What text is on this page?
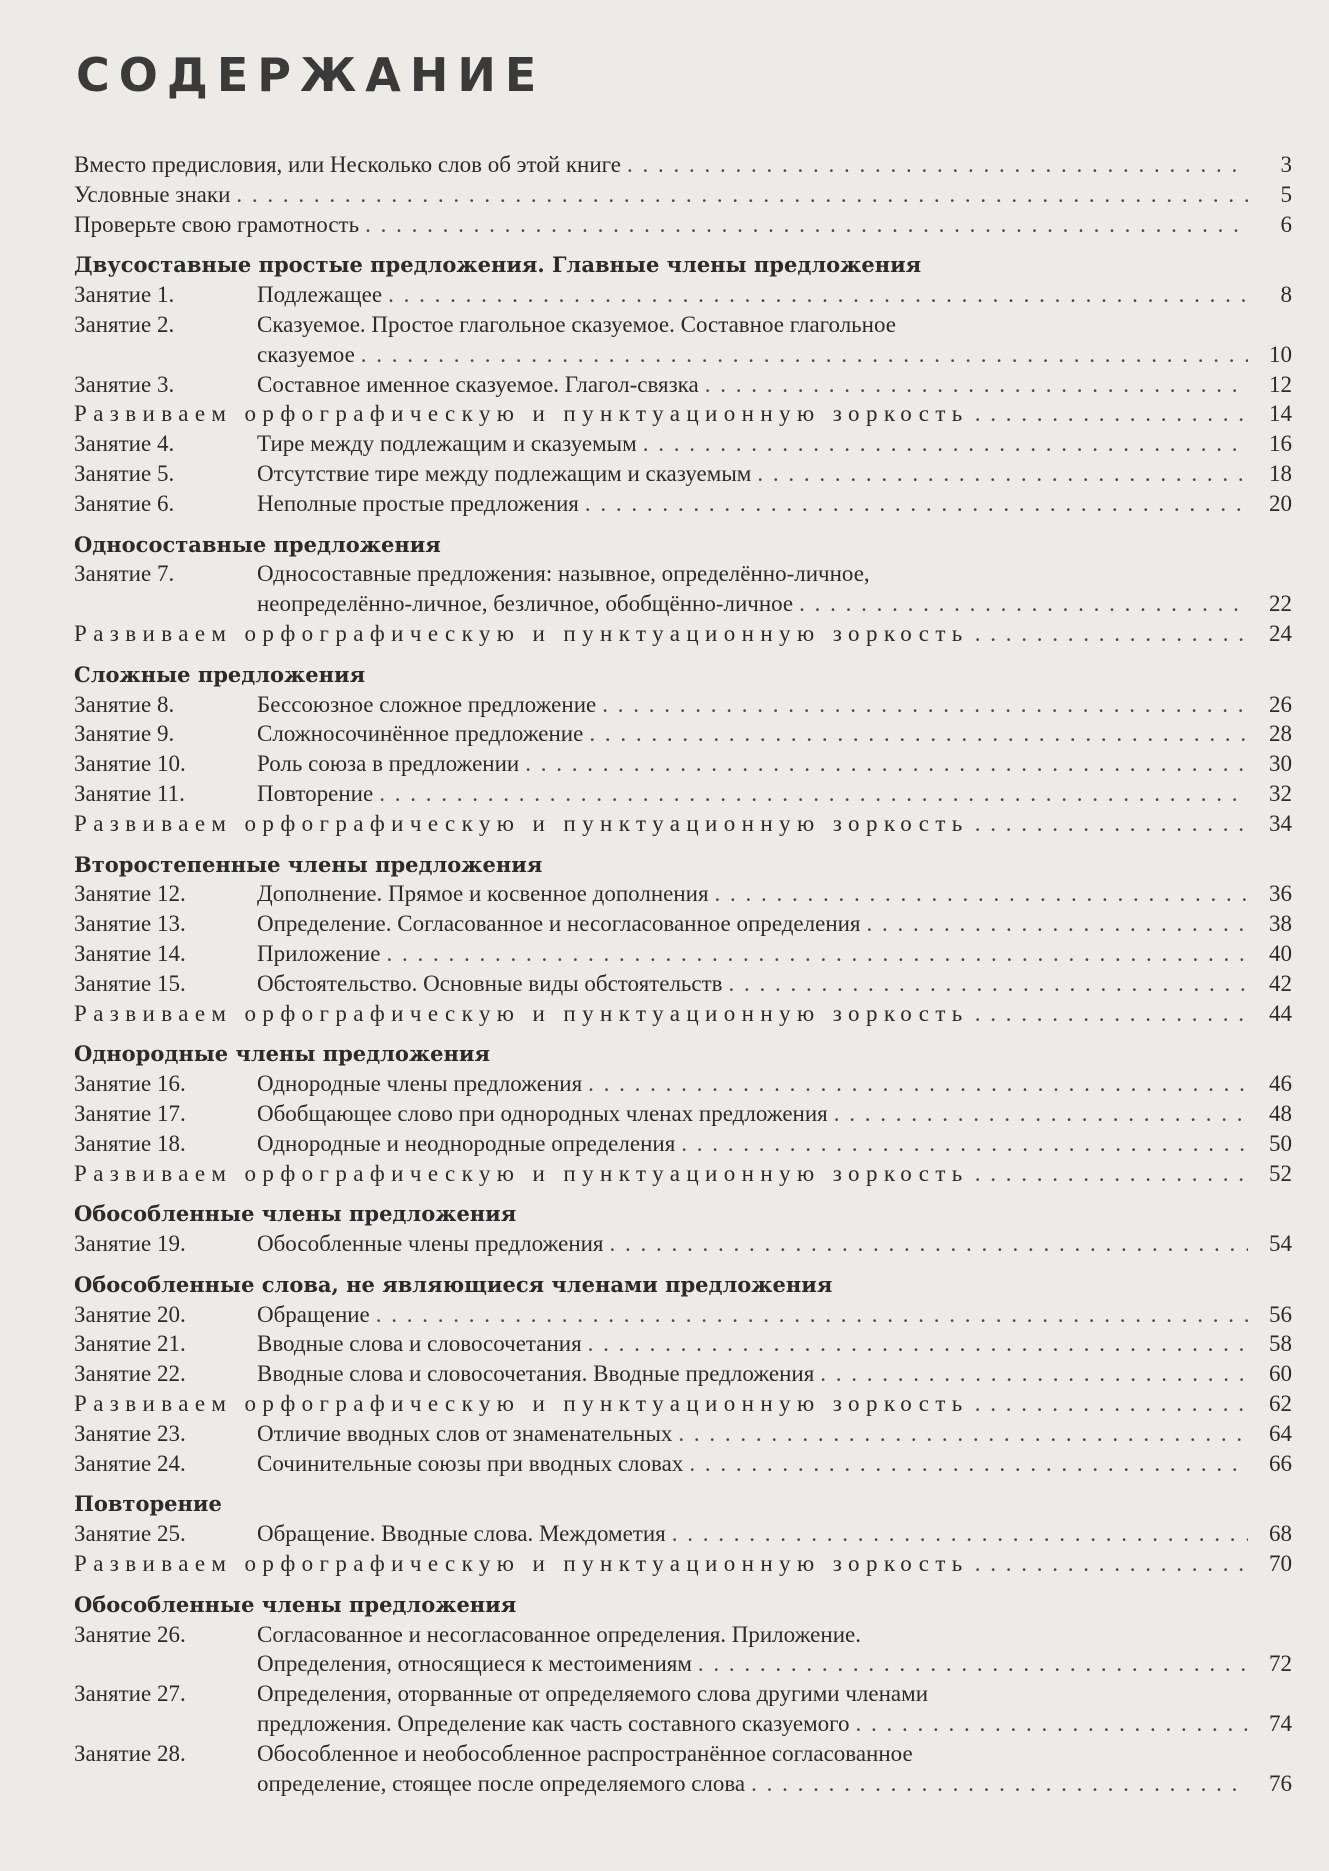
СОДЕРЖАНИЕ
Вместо предисловия, или Несколько слов об этой книге . . .	3
Условные знаки . . .	5
Проверьте свою грамотность . . .	6
Двусоставные простые предложения. Главные члены предложения
Занятие 1.	Подлежащее . . .	8
Занятие 2.	Сказуемое. Простое глагольное сказуемое. Составное глагольное
сказуемое . . .	10
Занятие 3.	Составное именное сказуемое. Глагол-связка . . .	12
Развиваем орфографическую и пунктуационную зоркость . . .	14
Занятие 4.	Тире между подлежащим и сказуемым . . .	16
Занятие 5.	Отсутствие тире между подлежащим и сказуемым . . .	18
Занятие 6.	Неполные простые предложения . . .	20
Односоставные предложения
Занятие 7.	Односоставные предложения: назывное, определённо-личное,
неопределённо-личное, безличное, обобщённо-личное . . .	22
Развиваем орфографическую и пунктуационную зоркость . . .	24
Сложные предложения
Занятие 8.	Бессоюзное сложное предложение . . .	26
Занятие 9.	Сложносочинённое предложение . . .	28
Занятие 10.	Роль союза в предложении . . .	30
Занятие 11.	Повторение . . .	32
Развиваем орфографическую и пунктуационную зоркость . . .	34
Второстепенные члены предложения
Занятие 12.	Дополнение. Прямое и косвенное дополнения . . .	36
Занятие 13.	Определение. Согласованное и несогласованное определения . . .	38
Занятие 14.	Приложение . . .	40
Занятие 15.	Обстоятельство. Основные виды обстоятельств . . .	42
Развиваем орфографическую и пунктуационную зоркость . . .	44
Однородные члены предложения
Занятие 16.	Однородные члены предложения . . .	46
Занятие 17.	Обобщающее слово при однородных членах предложения . . .	48
Занятие 18.	Однородные и неоднородные определения . . .	50
Развиваем орфографическую и пунктуационную зоркость . . .	52
Обособленные члены предложения
Занятие 19.	Обособленные члены предложения . . .	54
Обособленные слова, не являющиеся членами предложения
Занятие 20.	Обращение . . .	56
Занятие 21.	Вводные слова и словосочетания . . .	58
Занятие 22.	Вводные слова и словосочетания. Вводные предложения . . .	60
Развиваем орфографическую и пунктуационную зоркость . . .	62
Занятие 23.	Отличие вводных слов от знаменательных . . .	64
Занятие 24.	Сочинительные союзы при вводных словах . . .	66
Повторение
Занятие 25.	Обращение. Вводные слова. Междометия . . .	68
Развиваем орфографическую и пунктуационную зоркость . . .	70
Обособленные члены предложения
Занятие 26.	Согласованное и несогласованное определения. Приложение.
Определения, относящиеся к местоимениям . . .	72
Занятие 27.	Определения, оторванные от определяемого слова другими членами
предложения. Определение как часть составного сказуемого . . .	74
Занятие 28.	Обособленное и необособленное распространённое согласованное
определение, стоящее после определяемого слова . . .	76
